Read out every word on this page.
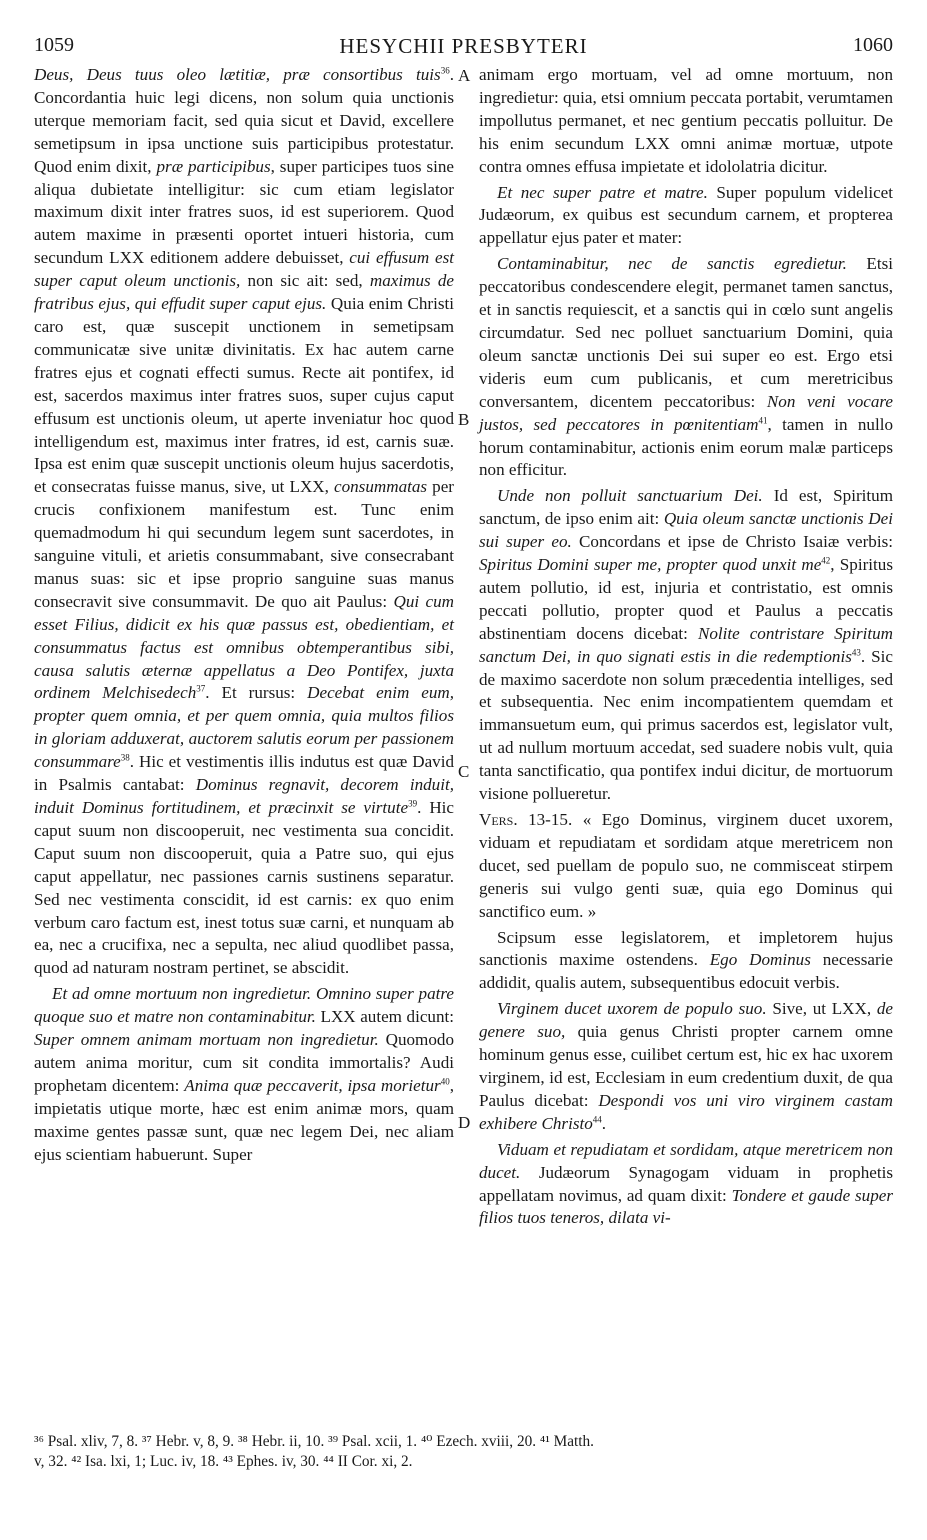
1059	HESYCHII PRESBYTERI	1060
A
B
C
D

Deus, Deus tuus oleo lætitiæ, præ consortibus tuis$^{36}$. Concordantia huic legi dicens, non solum quia unctionis uterque memoriam facit, sed quia sicut et David, excellere semetipsum in ipsa unctione suis participibus protestatur. Quod enim dixit, præ participibus, super participes tuos sine aliqua dubietate intelligitur: sic cum etiam legislator maximum dixit inter fratres suos, id est superiorem. Quod autem maxime in præsenti oportet intueri historia, cum secundum LXX editionem addere debuisset, cui effusum est super caput oleum unctionis, non sic ait: sed, maximus de fratribus ejus, qui effudit super caput ejus. Quia enim Christi caro est, quæ suscepit unctionem in semetipsam communicatæ sive unitæ divinitatis. Ex hac autem carne fratres ejus et cognati effecti sumus. Recte ait pontifex, id est, sacerdos maximus inter fratres suos, super cujus caput effusum est unctionis oleum, ut aperte inveniatur hoc quod intelligendum est, maximus inter fratres, id est, carnis suæ. Ipsa est enim quæ suscepit unctionis oleum hujus sacerdotis, et consecratas fuisse manus, sive, ut LXX, consummatas per crucis confixionem manifestum est. Tunc enim quemadmodum hi qui secundum legem sunt sacerdotes, in sanguine vituli, et arietis consummabant, sive consecrabant manus suas: sic et ipse proprio sanguine suas manus consecravit sive consummavit. De quo ait Paulus: Qui cum esset Filius, didicit ex his quæ passus est, obedientiam, et consummatus factus est omnibus obtemperantibus sibi, causa salutis æternæ appellatus a Deo Pontifex, juxta ordinem Melchisedech$^{37}$. Et rursus: Decebat enim eum, propter quem omnia, et per quem omnia, quia multos filios in gloriam adduxerat, auctorem salutis eorum per passionem consummare$^{38}$. Hic et vestimentis illis indutus est quæ David in Psalmis cantabat: Dominus regnavit, decorem induit, induit Dominus fortitudinem, et præcinxit se virtute$^{39}$. Hic caput suum non discooperuit, nec vestimenta sua concidit. Caput suum non discooperuit, quia a Patre suo, qui ejus caput appellatur, nec passiones carnis sustinens separatur. Sed nec vestimenta conscidit, id est carnis: ex quo enim verbum caro factum est, inest totus suæ carni, et nunquam ab ea, nec a crucifixa, nec a sepulta, nec aliud quodlibet passa, quod ad naturam nostram pertinet, se abscidit.

Et ad omne mortuum non ingredietur. Omnino super patre quoque suo et matre non contaminabitur. LXX autem dicunt: Super omnem animam mortuam non ingredietur. Quomodo autem anima moritur, cum sit condita immortalis? Audi prophetam dicentem: Anima quæ peccaverit, ipsa morietur$^{40}$, impietatis utique morte, hæc est enim animæ mors, quam maxime gentes passæ sunt, quæ nec legem Dei, nec aliam ejus scientiam habuerunt. Super

animam ergo mortuam, vel ad omne mortuum, non ingredietur: quia, etsi omnium peccata portabit, verumtamen impollutus permanet, et nec gentium peccatis polluitur. De his enim secundum LXX omni animæ mortuæ, utpote contra omnes effusa impietate et idololatria dicitur.

Et nec super patre et matre. Super populum videlicet Judæorum, ex quibus est secundum carnem, et propterea appellatur ejus pater et mater:

Contaminabitur, nec de sanctis egredietur. Etsi peccatoribus condescendere elegit, permanet tamen sanctus, et in sanctis requiescit, et a sanctis qui in cœlo sunt angelis circumdatur. Sed nec polluet sanctuarium Domini, quia oleum sanctæ unctionis Dei sui super eo est. Ergo etsi videris eum cum publicanis, et cum meretricibus conversantem, dicentem peccatoribus: Non veni vocare justos, sed peccatores in pœnitentiam$^{41}$, tamen in nullo horum contaminabitur, actionis enim eorum malæ particeps non efficitur.

Unde non polluit sanctuarium Dei. Id est, Spiritum sanctum, de ipso enim ait: Quia oleum sanctæ unctionis Dei sui super eo. Concordans et ipse de Christo Isaiæ verbis: Spiritus Domini super me, propter quod unxit $me^{42}$, Spiritus autem pollutio, id est, injuria et contristatio, est omnis peccati pollutio, propter quod et Paulus a peccatis abstinentiam docens dicebat: Nolite contristare Spiritum sanctum Dei, in quo signati estis in die redemptionis$^{43}$. Sic de maximo sacerdote non solum præcedentia intelliges, sed et subsequentia. Nec enim incompatientem quemdam et immansuetum eum, qui primus sacerdos est, legislator vult, ut ad nullum mortuum accedat, sed suadere nobis vult, quia tanta sanctificatio, qua pontifex indui dicitur, de mortuorum visione pollueretur.

Vers. 13-15. « Ego Dominus, virginem ducet uxorem, viduam et repudiatam et sordidam atque meretricem non ducet, sed puellam de populo suo, ne commisceat stirpem generis sui vulgo genti suæ, quia ego Dominus qui sanctifico eum. »

Scipsum esse legislatorem, et impletorem hujus sanctionis maxime ostendens. Ego Dominus necessarie addidit, qualis autem, subsequentibus edocuit verbis.

Virginem ducet uxorem de populo suo. Sive, ut LXX, de genere suo, quia genus Christi propter carnem omne hominum genus esse, cuilibet certum est, hic ex hac uxorem virginem, id est, Ecclesiam in eum credentium duxit, de qua Paulus dicebat: Despondi vos uni viro virginem castam exhibere Christo$^{44}$.

Viduam et repudiatam et sordidam, atque meretricem non ducet. Judæorum Synagogam viduam in prophetis appellatam novimus, ad quam dixit: Tondere et gaude super filios tuos teneros, dilata vi-

³⁶ Psal. xliv, 7, 8. ³⁷ Hebr. v, 8, 9. ³⁸ Hebr. ii, 10. ³⁹ Psal. xcii, 1. ⁴⁰ Ezech. xviii, 20. ⁴¹ Matth.

v, 32. ⁴² Isa. lxi, 1; Luc. iv, 18. ⁴³ Ephes. iv, 30. ⁴⁴ II Cor. xi, 2.
